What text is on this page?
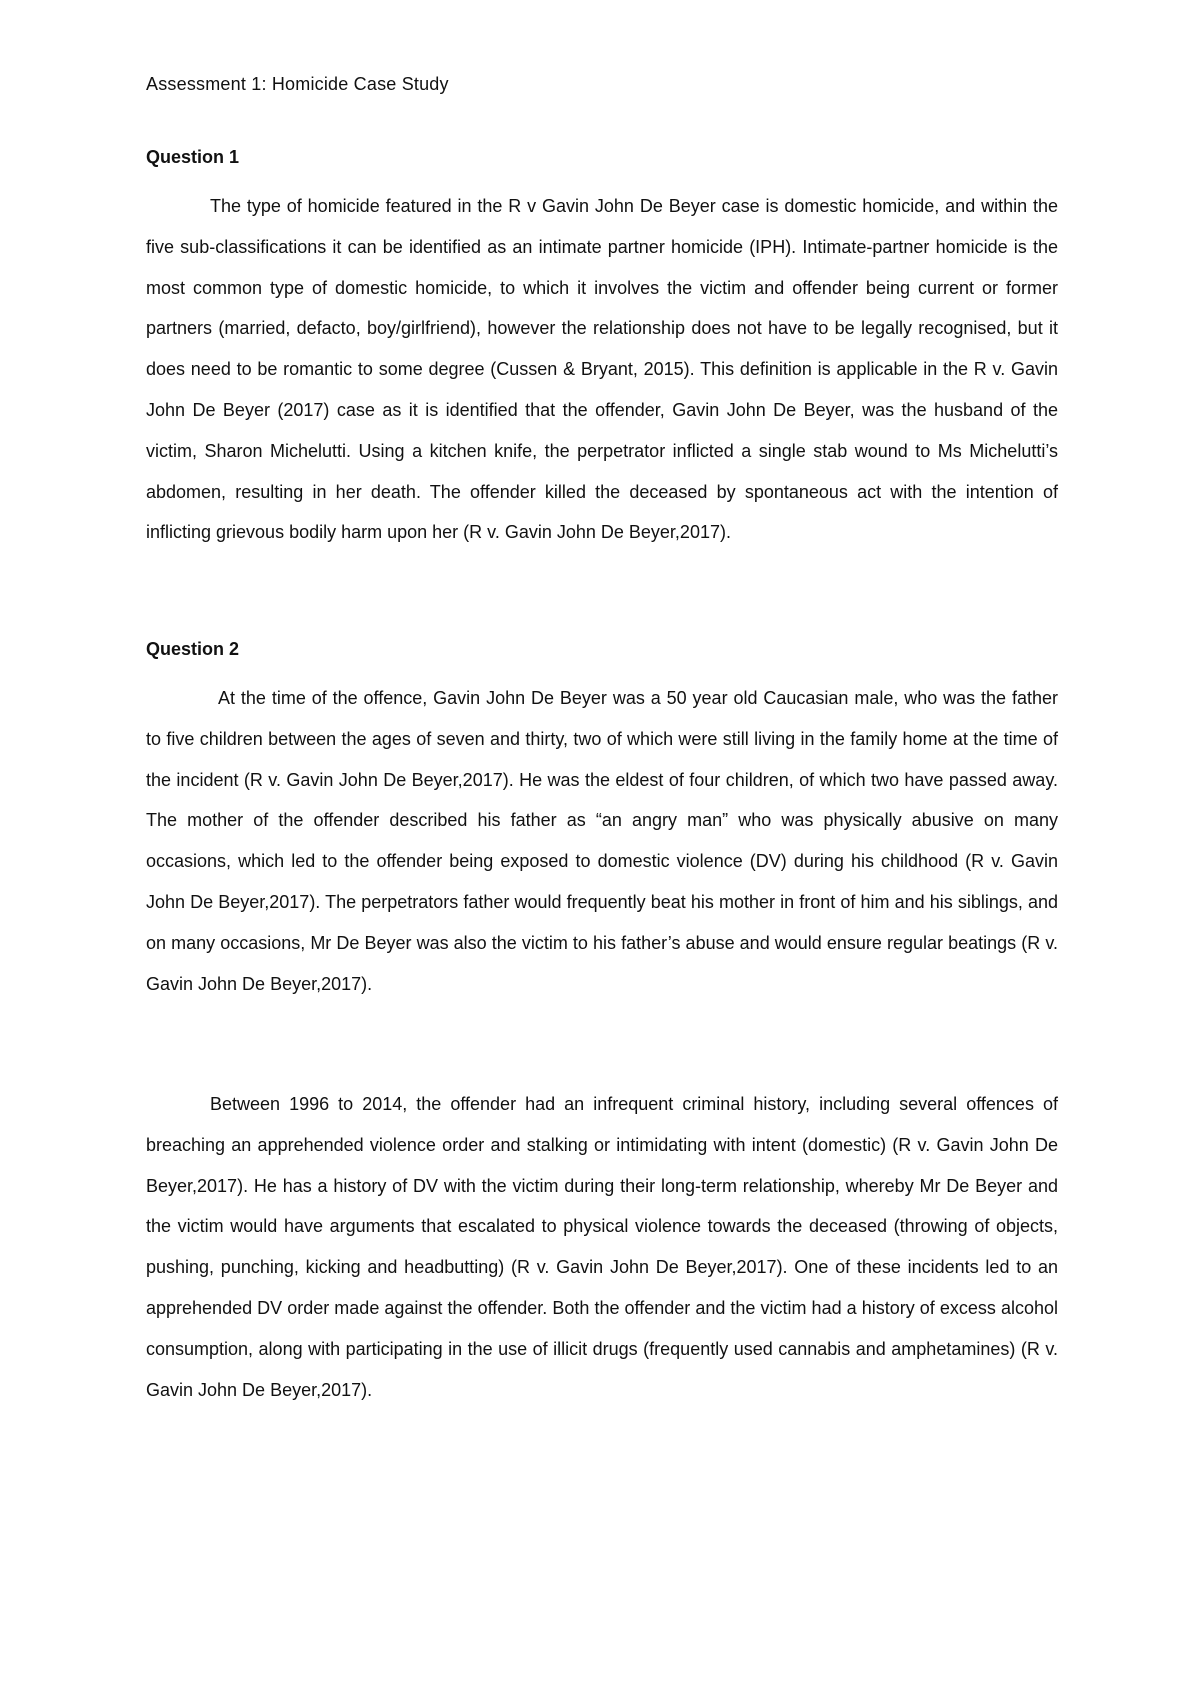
Assessment 1: Homicide Case Study
Question 1

The type of homicide featured in the R v Gavin John De Beyer case is domestic homicide, and within the five sub-classifications it can be identified as an intimate partner homicide (IPH). Intimate-partner homicide is the most common type of domestic homicide, to which it involves the victim and offender being current or former partners (married, defacto, boy/girlfriend), however the relationship does not have to be legally recognised, but it does need to be romantic to some degree (Cussen & Bryant, 2015). This definition is applicable in the R v. Gavin John De Beyer (2017) case as it is identified that the offender, Gavin John De Beyer, was the husband of the victim, Sharon Michelutti. Using a kitchen knife, the perpetrator inflicted a single stab wound to Ms Michelutti’s abdomen, resulting in her death. The offender killed the deceased by spontaneous act with the intention of inflicting grievous bodily harm upon her (R v. Gavin John De Beyer,2017).

Question 2

At the time of the offence, Gavin John De Beyer was a 50 year old Caucasian male, who was the father to five children between the ages of seven and thirty, two of which were still living in the family home at the time of the incident (R v. Gavin John De Beyer,2017). He was the eldest of four children, of which two have passed away. The mother of the offender described his father as “an angry man” who was physically abusive on many occasions, which led to the offender being exposed to domestic violence (DV) during his childhood (R v. Gavin John De Beyer,2017). The perpetrators father would frequently beat his mother in front of him and his siblings, and on many occasions, Mr De Beyer was also the victim to his father’s abuse and would ensure regular beatings (R v. Gavin John De Beyer,2017).

Between 1996 to 2014, the offender had an infrequent criminal history, including several offences of breaching an apprehended violence order and stalking or intimidating with intent (domestic) (R v. Gavin John De Beyer,2017). He has a history of DV with the victim during their long-term relationship, whereby Mr De Beyer and the victim would have arguments that escalated to physical violence towards the deceased (throwing of objects, pushing, punching, kicking and headbutting) (R v. Gavin John De Beyer,2017). One of these incidents led to an apprehended DV order made against the offender. Both the offender and the victim had a history of excess alcohol consumption, along with participating in the use of illicit drugs (frequently used cannabis and amphetamines) (R v. Gavin John De Beyer,2017).
